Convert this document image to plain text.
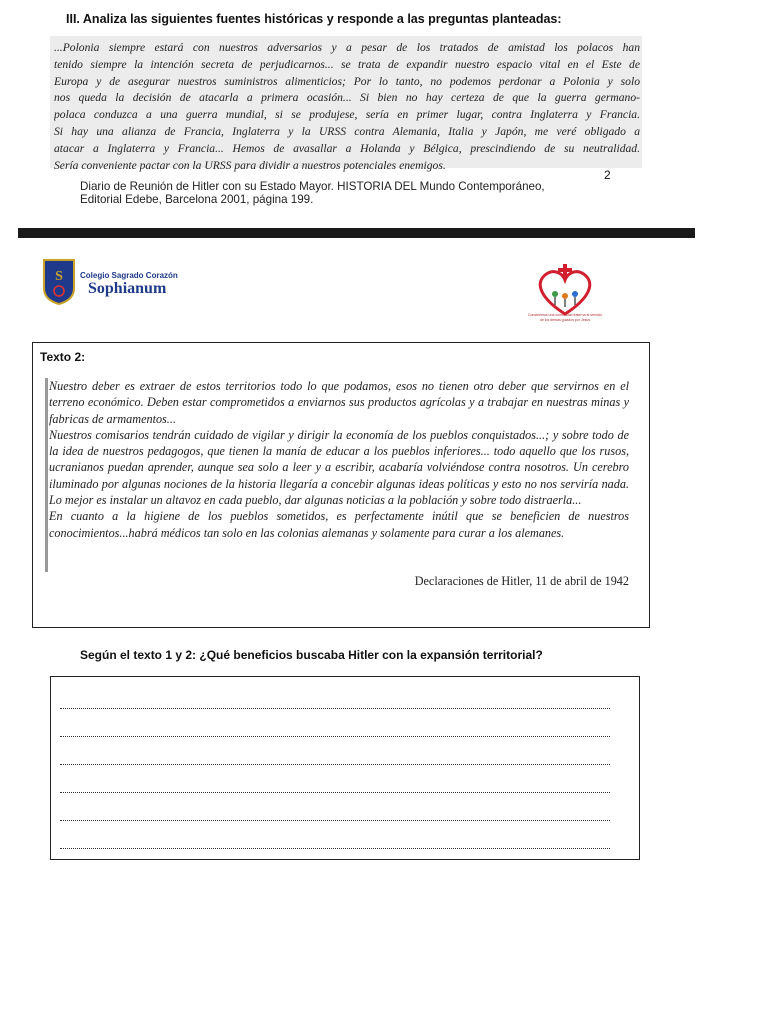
III. Analiza las siguientes fuentes históricas y responde a las preguntas planteadas:
...Polonia siempre estará con nuestros adversarios y a pesar de los tratados de amistad los polacos han
tenido siempre la intención secreta de perjudicarnos... se trata de expandir nuestro espacio vital en el Este de
Europa y de asegurar nuestros suministros alimenticios; Por lo tanto, no podemos perdonar a Polonia y solo
nos queda la decisión de atacarla a primera ocasión... Si bien no hay certeza de que la guerra germano-
polaca conduzca a una guerra mundial, si se produjese, sería en primer lugar, contra Inglaterra y Francia.
Si hay una alianza de Francia, Inglaterra y la URSS contra Alemania, Italia y Japón, me veré obligado a
atacar a Inglaterra y Francia... Hemos de avasallar a Holanda y Bélgica, prescindiendo de su neutralidad.
Sería conveniente pactar con la URSS para dividir a nuestros potenciales enemigos.
2
Diario de Reunión de Hitler con su Estado Mayor. HISTORIA DEL Mundo Contemporáneo,
Editorial Edebe, Barcelona 2001, página 199.
S Colegio Sagrado Corazón
Sophianum
Construimos una comunidad fraterna al servicio de los demás guiados por Jesús
Texto 2:
Nuestro deber es extraer de estos territorios todo lo que podamos, esos no tienen otro deber que servirnos en el terreno económico. Deben estar comprometidos a enviarnos sus productos agrícolas y a trabajar en nuestras minas y fabricas de armamentos...
Nuestros comisarios tendrán cuidado de vigilar y dirigir la economía de los pueblos conquistados...; y sobre todo de la idea de nuestros pedagogos, que tienen la manía de educar a los pueblos inferiores... todo aquello que los rusos, ucranianos puedan aprender, aunque sea solo a leer y a escribir, acabaría volviéndose contra nosotros. Un cerebro iluminado por algunas nociones de la historia llegaría a concebir algunas ideas políticas y esto no nos serviría nada. Lo mejor es instalar un altavoz en cada pueblo, dar algunas noticias a la población y sobre todo distraerla...
En cuanto a la higiene de los pueblos sometidos, es perfectamente inútil que se beneficien de nuestros conocimientos...habrá médicos tan solo en las colonias alemanas y solamente para curar a los alemanes.
Declaraciones de Hitler, 11 de abril de 1942
Según el texto 1 y 2: ¿Qué beneficios buscaba Hitler con la expansión territorial?
